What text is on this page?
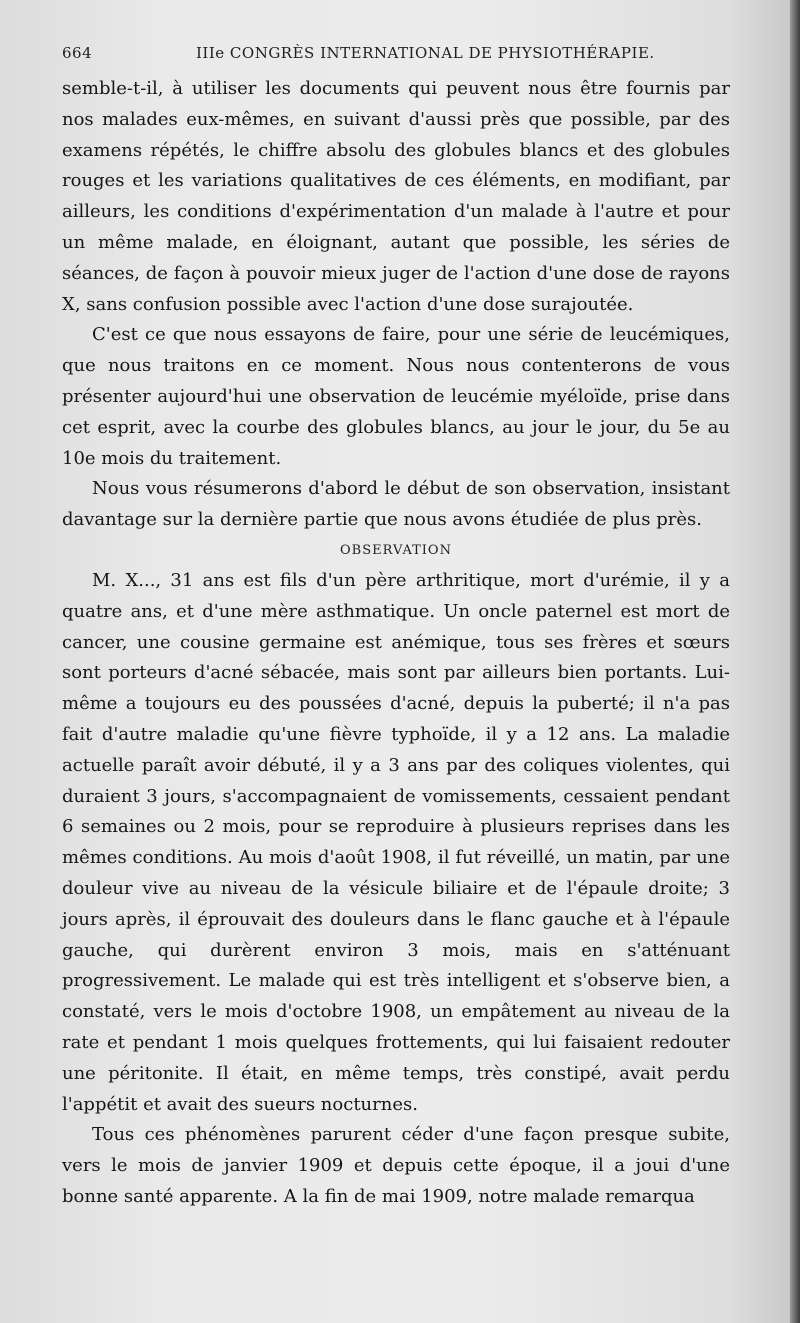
664	IIIe CONGRÈS INTERNATIONAL DE PHYSIOTHÉRAPIE.

semble-t-il, à utiliser les documents qui peuvent nous être fournis par nos malades eux-mêmes, en suivant d'aussi près que possible, par des examens répétés, le chiffre absolu des globules blancs et des globules rouges et les variations qualitatives de ces éléments, en modifiant, par ailleurs, les conditions d'expérimentation d'un malade à l'autre et pour un même malade, en éloignant, autant que possible, les séries de séances, de façon à pouvoir mieux juger de l'action d'une dose de rayons X, sans confusion possible avec l'action d'une dose surajoutée.

C'est ce que nous essayons de faire, pour une série de leucémiques, que nous traitons en ce moment. Nous nous contenterons de vous présenter aujourd'hui une observation de leucémie myéloïde, prise dans cet esprit, avec la courbe des globules blancs, au jour le jour, du 5e au 10e mois du traitement.

Nous vous résumerons d'abord le début de son observation, insistant davantage sur la dernière partie que nous avons étudiée de plus près.

OBSERVATION

M. X..., 31 ans est fils d'un père arthritique, mort d'urémie, il y a quatre ans, et d'une mère asthmatique. Un oncle paternel est mort de cancer, une cousine germaine est anémique, tous ses frères et sœurs sont porteurs d'acné sébacée, mais sont par ailleurs bien portants. Lui-même a toujours eu des poussées d'acné, depuis la puberté; il n'a pas fait d'autre maladie qu'une fièvre typhoïde, il y a 12 ans. La maladie actuelle paraît avoir débuté, il y a 3 ans par des coliques violentes, qui duraient 3 jours, s'accompagnaient de vomissements, cessaient pendant 6 semaines ou 2 mois, pour se reproduire à plusieurs reprises dans les mêmes conditions. Au mois d'août 1908, il fut réveillé, un matin, par une douleur vive au niveau de la vésicule biliaire et de l'épaule droite; 3 jours après, il éprouvait des douleurs dans le flanc gauche et à l'épaule gauche, qui durèrent environ 3 mois, mais en s'atténuant progressivement. Le malade qui est très intelligent et s'observe bien, a constaté, vers le mois d'octobre 1908, un empâtement au niveau de la rate et pendant 1 mois quelques frottements, qui lui faisaient redouter une péritonite. Il était, en même temps, très constipé, avait perdu l'appétit et avait des sueurs nocturnes.

Tous ces phénomènes parurent céder d'une façon presque subite, vers le mois de janvier 1909 et depuis cette époque, il a joui d'une bonne santé apparente. A la fin de mai 1909, notre malade remarqua
